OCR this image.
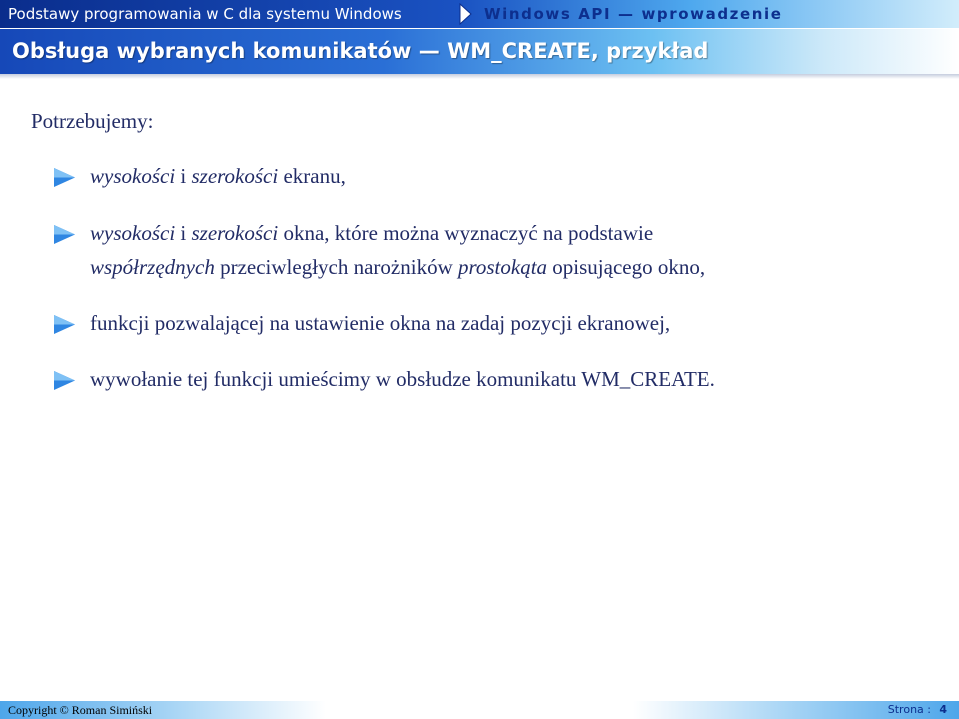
Podstawy programowania w C dla systemu Windows	Windows API — wprowadzenie
Obsługa wybranych komunikatów — WM_CREATE, przykład
Potrzebujemy:
wysokości i szerokości ekranu,
wysokości i szerokości okna, które można wyznaczyć na podstawie
współrzędnych przeciwległych narożników prostokąta opisującego okno,
funkcji pozwalającej na ustawienie okna na zadaj pozycji ekranowej,
wywołanie tej funkcji umieścimy w obsłudze komunikatu WM_CREATE.
Copyright © Roman Simiński	Strona : 4
